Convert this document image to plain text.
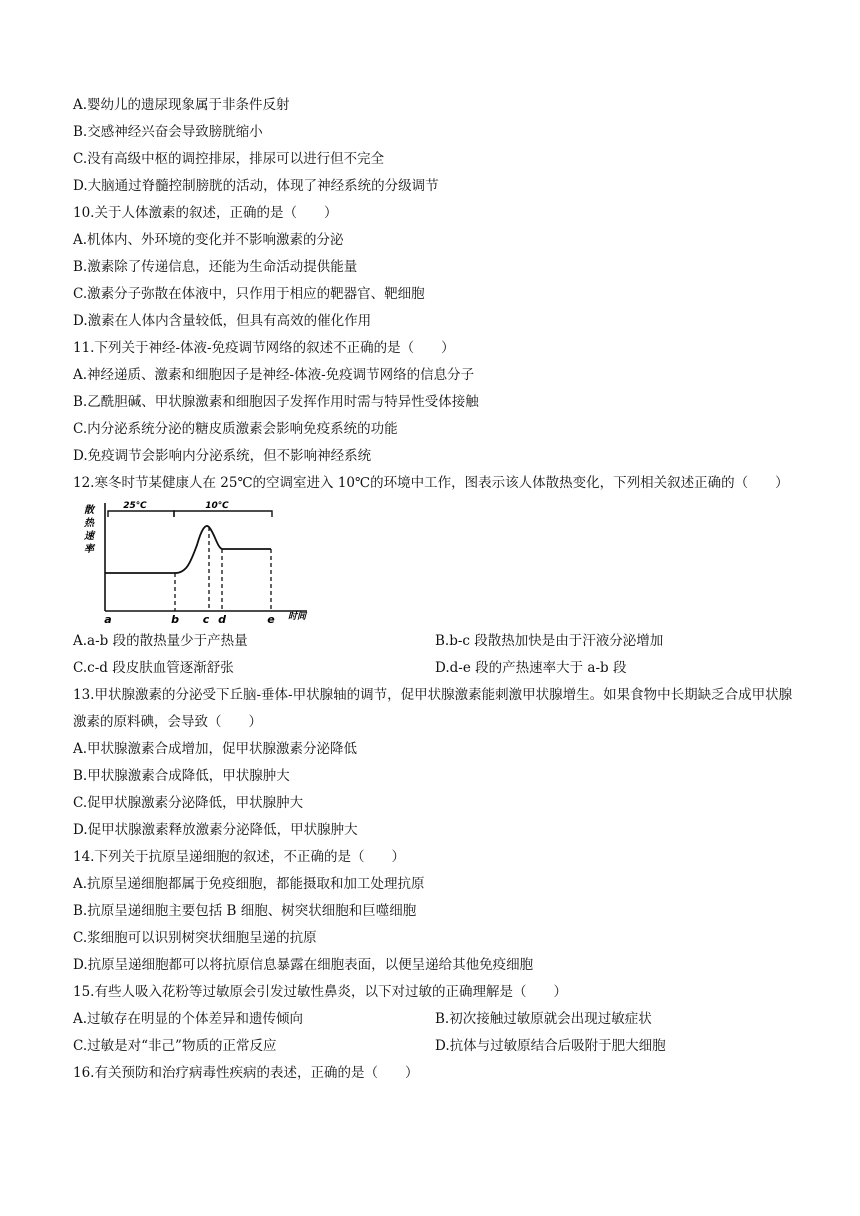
A.婴幼儿的遗尿现象属于非条件反射
B.交感神经兴奋会导致膀胱缩小
C.没有高级中枢的调控排尿，排尿可以进行但不完全
D.大脑通过脊髓控制膀胱的活动，体现了神经系统的分级调节
10.关于人体激素的叙述，正确的是（　　）
A.机体内、外环境的变化并不影响激素的分泌
B.激素除了传递信息，还能为生命活动提供能量
C.激素分子弥散在体液中，只作用于相应的靶器官、靶细胞
D.激素在人体内含量较低，但具有高效的催化作用
11.下列关于神经-体液-免疫调节网络的叙述不正确的是（　　）
A.神经递质、激素和细胞因子是神经-体液-免疫调节网络的信息分子
B.乙酰胆碱、甲状腺激素和细胞因子发挥作用时需与特异性受体接触
C.内分泌系统分泌的糖皮质激素会影响免疫系统的功能
D.免疫调节会影响内分泌系统，但不影响神经系统
12.寒冬时节某健康人在 25℃的空调室进入 10℃的环境中工作，图表示该人体散热变化，下列相关叙述正确的（　　）
散
热
速
率
25℃	10℃
a	b c d	e 时间
A.a-b 段的散热量少于产热量	B.b-c 段散热加快是由于汗液分泌增加
C.c-d 段皮肤血管逐渐舒张	D.d-e 段的产热速率大于 a-b 段
13.甲状腺激素的分泌受下丘脑-垂体-甲状腺轴的调节，促甲状腺激素能刺激甲状腺增生。如果食物中长期缺乏合成甲状腺激素的原料碘，会导致（　　）
A.甲状腺激素合成增加，促甲状腺激素分泌降低
B.甲状腺激素合成降低，甲状腺肿大
C.促甲状腺激素分泌降低，甲状腺肿大
D.促甲状腺激素释放激素分泌降低，甲状腺肿大
14.下列关于抗原呈递细胞的叙述，不正确的是（　　）
A.抗原呈递细胞都属于免疫细胞，都能摄取和加工处理抗原
B.抗原呈递细胞主要包括 B 细胞、树突状细胞和巨噬细胞
C.浆细胞可以识别树突状细胞呈递的抗原
D.抗原呈递细胞都可以将抗原信息暴露在细胞表面，以便呈递给其他免疫细胞
15.有些人吸入花粉等过敏原会引发过敏性鼻炎，以下对过敏的正确理解是（　　）
A.过敏存在明显的个体差异和遗传倾向	B.初次接触过敏原就会出现过敏症状
C.过敏是对“非己”物质的正常反应	D.抗体与过敏原结合后吸附于肥大细胞
16.有关预防和治疗病毒性疾病的表述，正确的是（　　）
